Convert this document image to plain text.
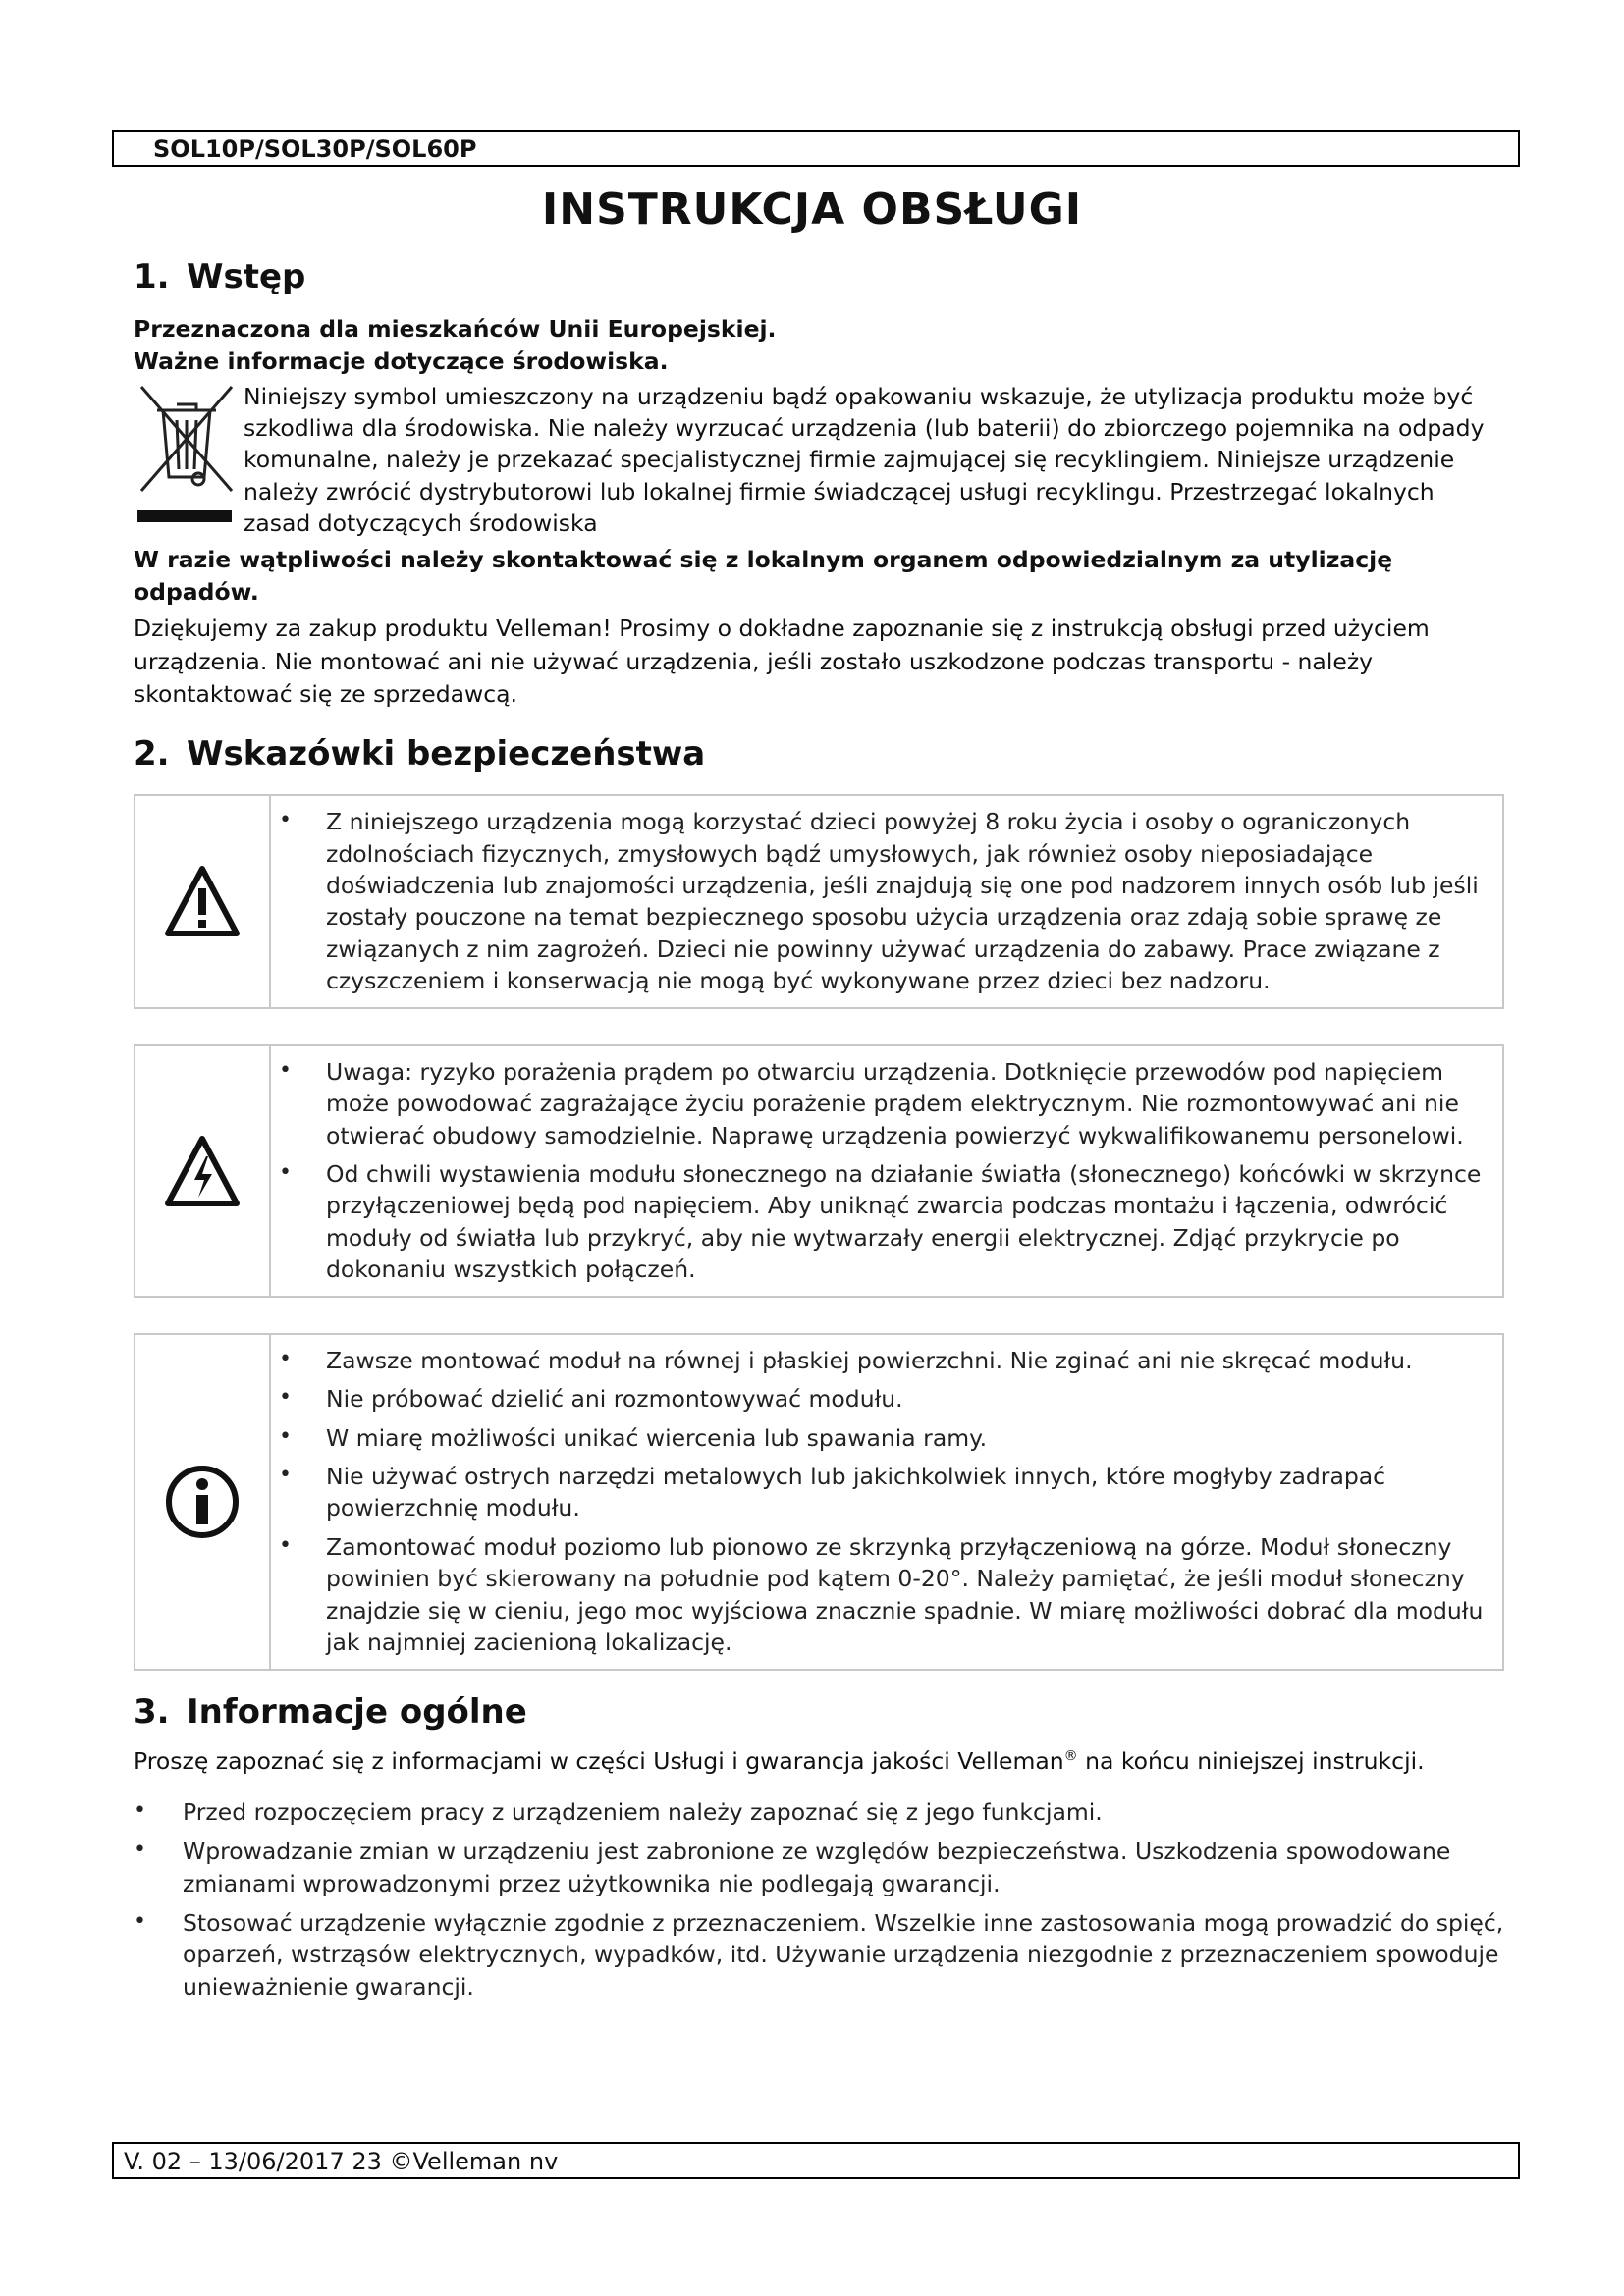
SOL10P/SOL30P/SOL60P
INSTRUKCJA OBSŁUGI
1. Wstęp

Przeznaczona dla mieszkańców Unii Europejskiej.

Ważne informacje dotyczące środowiska.

Niniejszy symbol umieszczony na urządzeniu bądź opakowaniu wskazuje, że utylizacja produktu może być szkodliwa dla środowiska. Nie należy wyrzucać urządzenia (lub baterii) do zbiorczego pojemnika na odpady komunalne, należy je przekazać specjalistycznej firmie zajmującej się recyklingiem. Niniejsze urządzenie należy zwrócić dystrybutorowi lub lokalnej firmie świadczącej usługi recyklingu. Przestrzegać lokalnych zasad dotyczących środowiska

W razie wątpliwości należy skontaktować się z lokalnym organem odpowiedzialnym za utylizację odpadów.

Dziękujemy za zakup produktu Velleman! Prosimy o dokładne zapoznanie się z instrukcją obsługi przed użyciem urządzenia. Nie montować ani nie używać urządzenia, jeśli zostało uszkodzone podczas transportu - należy skontaktować się ze sprzedawcą.

2. Wskazówki bezpieczeństwa
• Z niniejszego urządzenia mogą korzystać dzieci powyżej 8 roku życia i osoby o ograniczonych zdolnościach fizycznych, zmysłowych bądź umysłowych, jak również osoby nieposiadające doświadczenia lub znajomości urządzenia, jeśli znajdują się one pod nadzorem innych osób lub jeśli zostały pouczone na temat bezpiecznego sposobu użycia urządzenia oraz zdają sobie sprawę ze związanych z nim zagrożeń. Dzieci nie powinny używać urządzenia do zabawy. Prace związane z czyszczeniem i konserwacją nie mogą być wykonywane przez dzieci bez nadzoru.
• Uwaga: ryzyko porażenia prądem po otwarciu urządzenia. Dotknięcie przewodów pod napięciem może powodować zagrażające życiu porażenie prądem elektrycznym. Nie rozmontowywać ani nie otwierać obudowy samodzielnie. Naprawę urządzenia powierzyć wykwalifikowanemu personelowi.
• Od chwili wystawienia modułu słonecznego na działanie światła (słonecznego) końcówki w skrzynce przyłączeniowej będą pod napięciem. Aby uniknąć zwarcia podczas montażu i łączenia, odwrócić moduły od światła lub przykryć, aby nie wytwarzały energii elektrycznej. Zdjąć przykrycie po dokonaniu wszystkich połączeń.
• Zawsze montować moduł na równej i płaskiej powierzchni. Nie zginać ani nie skręcać modułu.
• Nie próbować dzielić ani rozmontowywać modułu.
• W miarę możliwości unikać wiercenia lub spawania ramy.
• Nie używać ostrych narzędzi metalowych lub jakichkolwiek innych, które mogłyby zadrapać powierzchnię modułu.
• Zamontować moduł poziomo lub pionowo ze skrzynką przyłączeniową na górze. Moduł słoneczny powinien być skierowany na południe pod kątem 0-20°. Należy pamiętać, że jeśli moduł słoneczny znajdzie się w cieniu, jego moc wyjściowa znacznie spadnie. W miarę możliwości dobrać dla modułu jak najmniej zacienioną lokalizację.
3. Informacje ogólne

Proszę zapoznać się z informacjami w części Usługi i gwarancja jakości Velleman® na końcu niniejszej instrukcji.

• Przed rozpoczęciem pracy z urządzeniem należy zapoznać się z jego funkcjami.
• Wprowadzanie zmian w urządzeniu jest zabronione ze względów bezpieczeństwa. Uszkodzenia spowodowane zmianami wprowadzonymi przez użytkownika nie podlegają gwarancji.
• Stosować urządzenie wyłącznie zgodnie z przeznaczeniem. Wszelkie inne zastosowania mogą prowadzić do spięć, oparzeń, wstrząsów elektrycznych, wypadków, itd. Używanie urządzenia niezgodnie z przeznaczeniem spowoduje unieważnienie gwarancji.
V. 02 – 13/06/2017 23 ©Velleman nv
